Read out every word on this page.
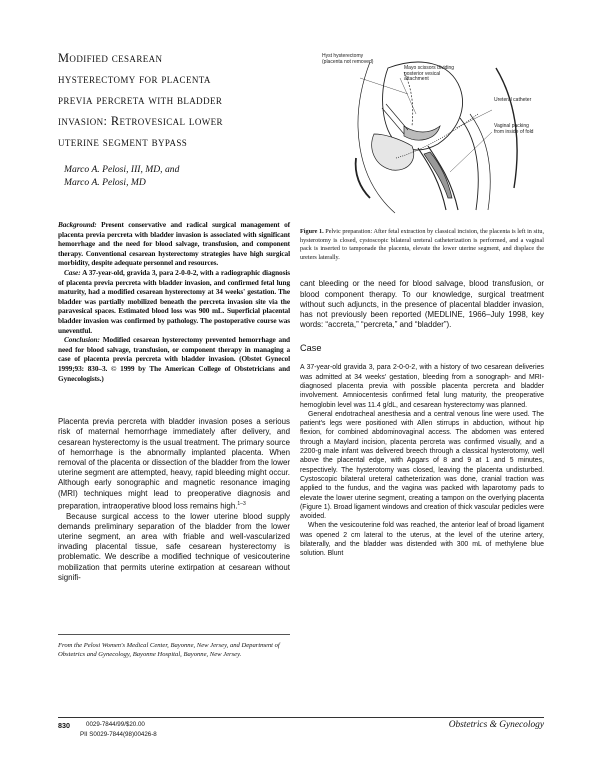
Modified cesarean
hysterectomy for placenta
previa percreta with bladder
invasion: Retrovesical lower
uterine segment bypass
Marco A. Pelosi, III, MD, and
Marco A. Pelosi, MD

Background: Present conservative and radical surgical management of placenta previa percreta with bladder invasion is associated with significant hemorrhage and the need for blood salvage, transfusion, and component therapy. Conventional cesarean hysterectomy strategies have high surgical morbidity, despite adequate personnel and resources.

Case: A 37-year-old, gravida 3, para 2-0-0-2, with a radiographic diagnosis of placenta previa percreta with bladder invasion, and confirmed fetal lung maturity, had a modified cesarean hysterectomy at 34 weeks' gestation. The bladder was partially mobilized beneath the percreta invasion site via the paravesical spaces. Estimated blood loss was 900 mL. Superficial placental bladder invasion was confirmed by pathology. The postoperative course was uneventful.

Conclusion: Modified cesarean hysterectomy prevented hemorrhage and need for blood salvage, transfusion, or component therapy in managing a case of placenta previa percreta with bladder invasion. (Obstet Gynecol 1999;93: 830–3. © 1999 by The American College of Obstetricians and Gynecologists.)

Placenta previa percreta with bladder invasion poses a serious risk of maternal hemorrhage immediately after delivery, and cesarean hysterectomy is the usual treatment. The primary source of hemorrhage is the abnormally implanted placenta. When removal of the placenta or dissection of the bladder from the lower uterine segment are attempted, heavy, rapid bleeding might occur. Although early sonographic and magnetic resonance imaging (MRI) techniques might lead to preoperative diagnosis and preparation, intraoperative blood loss remains high.$^{1-3}$

Because surgical access to the lower uterine blood supply demands preliminary separation of the bladder from the lower uterine segment, an area with friable and well-vascularized invading placental tissue, safe cesarean hysterectomy is problematic. We describe a modified technique of vesicouterine mobilization that permits uterine extirpation at cesarean without signifi-

From the Pelosi Women's Medical Center, Bayonne, New Jersey, and Department of Obstetrics and Gynecology, Bayonne Hospital, Bayonne, New Jersey.
Hyst hysterectomy (placenta not removed)
Mayo scissors dividing posterior vesical attachment
Ureteral catheter
Vaginal packing from inside of fold
Figure 1. Pelvic preparation: After fetal extraction by classical incision, the placenta is left in situ, hysterotomy is closed, cystoscopic bilateral ureteral catheterization is performed, and a vaginal pack is inserted to tamponade the placenta, elevate the lower uterine segment, and displace the ureters laterally.

cant bleeding or the need for blood salvage, blood transfusion, or blood component therapy. To our knowledge, surgical treatment without such adjuncts, in the presence of placental bladder invasion, has not previously been reported (MEDLINE, 1966–July 1998, key words: “accreta,” “percreta,” and “bladder”).

Case

A 37-year-old gravida 3, para 2-0-0-2, with a history of two cesarean deliveries was admitted at 34 weeks' gestation, bleeding from a sonograph- and MRI-diagnosed placenta previa with possible placenta percreta and bladder involvement. Amniocentesis confirmed fetal lung maturity, the preoperative hemoglobin level was 11.4 g/dL, and cesarean hysterectomy was planned.

General endotracheal anesthesia and a central venous line were used. The patient's legs were positioned with Allen stirrups in abduction, without hip flexion, for combined abdominovaginal access. The abdomen was entered through a Maylard incision, placenta percreta was confirmed visually, and a 2200-g male infant was delivered breech through a classical hysterotomy, well above the placental edge, with Apgars of 8 and 9 at 1 and 5 minutes, respectively. The hysterotomy was closed, leaving the placenta undisturbed. Cystoscopic bilateral ureteral catheterization was done, cranial traction was applied to the fundus, and the vagina was packed with laparotomy pads to elevate the lower uterine segment, creating a tampon on the overlying placenta (Figure 1). Broad ligament windows and creation of thick vascular pedicles were avoided.

When the vesicouterine fold was reached, the anterior leaf of broad ligament was opened 2 cm lateral to the uterus, at the level of the uterine artery, bilaterally, and the bladder was distended with 300 mL of methylene blue solution. Blunt

830	0029-7844/99/$20.00
PII S0029-7844(98)00426-8
Obstetrics & Gynecology
